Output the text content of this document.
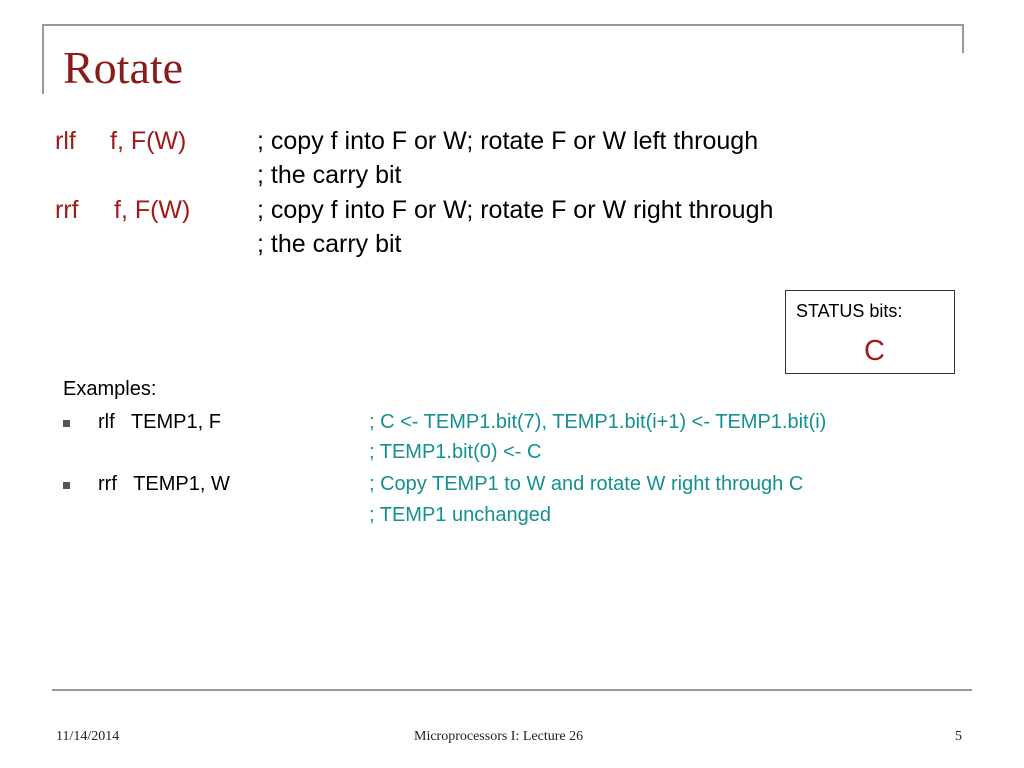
Rotate
rlf f, F(W)	; copy f into F or W; rotate F or W left through
; the carry bit
rrf f, F(W)	; copy f into F or W; rotate F or W right through
; the carry bit
STATUS bits:
C
Examples:
rlf   TEMP1, F	; C <- TEMP1.bit(7), TEMP1.bit(i+1) <- TEMP1.bit(i)
; TEMP1.bit(0) <- C
rrf   TEMP1, W	; Copy TEMP1 to W and rotate W right through C
; TEMP1 unchanged
11/14/2014	Microprocessors I: Lecture 26	5
